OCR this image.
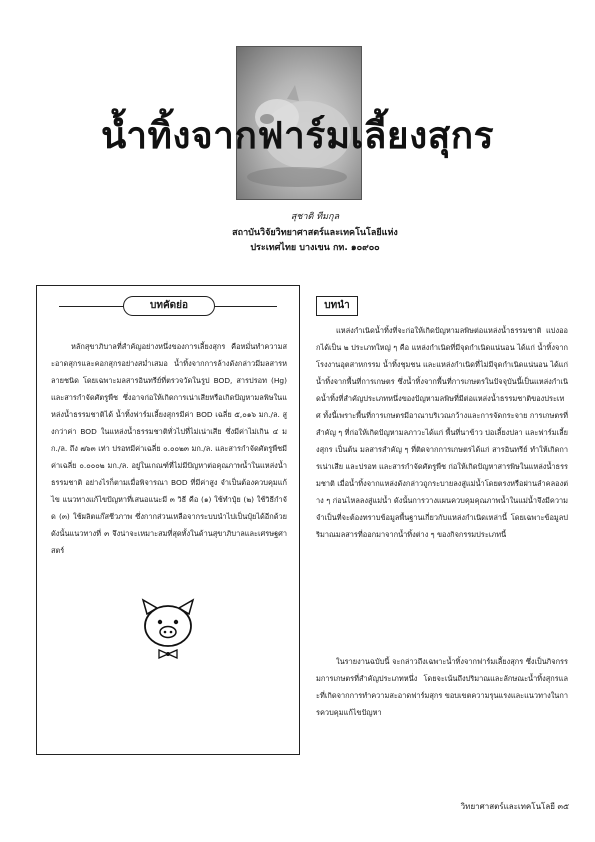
น้ำทิ้งจากฟาร์มเลี้ยงสุกร

สุชาติ ทีมกุล

สถาบันวิจัยวิทยาศาสตร์และเทคโนโลยีแห่ง

ประเทศไทย บางเขน กท. ๑๐๙๐๐

บทคัดย่อ

หลักสุขาภิบาลที่สำคัญอย่างหนึ่งของการเลี้ยงสุกร คือหมั่นทำความสะอาดสุกรและคอกสุกรอย่างสม่ำเสมอ น้ำทิ้งจากการล้างดังกล่าวมีมลสารหลายชนิด โดยเฉพาะมลสารอินทรีย์ที่ตรวจวัดในรูป BOD, สารปรอท (Hg) และสารกำจัดศัตรูพืช ซึ่งอาจก่อให้เกิดการเน่าเสียหรือเกิดปัญหามลพิษในแหล่งน้ำธรรมชาติได้ น้ำทิ้งฟาร์มเลี้ยงสุกรมีค่า BOD เฉลี่ย ๕,๐๑๖ มก./ล. สูงกว่าค่า BOD ในแหล่งน้ำธรรมชาติทั่วไปที่ไม่เน่าเสีย ซึ่งมีค่าไม่เกิน ๔ มก./ล. ถึง ๗๖๓ เท่า ปรอทมีค่าเฉลี่ย ๐.๐๐๒๓ มก./ล. และสารกำจัดศัตรูพืชมีค่าเฉลี่ย ๐.๐๐๐๒ มก./ล. อยู่ในเกณฑ์ที่ไม่มีปัญหาต่อคุณภาพน้ำในแหล่งน้ำธรรมชาติ อย่างไรก็ตามเมื่อพิจารณา BOD ที่มีค่าสูง จำเป็นต้องควบคุมแก้ไข แนวทางแก้ไขปัญหาที่เสนอแนะมี ๓ วิธี คือ (๑) ใช้ทำปุ๋ย (๒) ใช้วิธีกำจัด (๓) ใช้ผลิตแก๊สชีวภาพ ซึ่งกากส่วนเหลือจากระบบนำไปเป็นปุ๋ยได้อีกด้วย ดังนั้นแนวทางที่ ๓ จึงน่าจะเหมาะสมที่สุดทั้งในด้านสุขาภิบาลและเศรษฐศาสตร์

บทนำ

แหล่งกำเนิดน้ำทิ้งที่จะก่อให้เกิดปัญหามลพิษต่อแหล่งน้ำธรรมชาติ แบ่งออกได้เป็น ๒ ประเภทใหญ่ ๆ คือ แหล่งกำเนิดที่มีจุดกำเนิดแน่นอน ได้แก่ น้ำทิ้งจากโรงงานอุตสาหกรรม น้ำทิ้งชุมชน และแหล่งกำเนิดที่ไม่มีจุดกำเนิดแน่นอน ได้แก่ น้ำทิ้งจากพื้นที่การเกษตร ซึ่งน้ำทิ้งจากพื้นที่การเกษตรในปัจจุบันนี้เป็นแหล่งกำเนิดน้ำทิ้งที่สำคัญประเภทหนึ่งของปัญหามลพิษที่มีต่อแหล่งน้ำธรรมชาติของประเทศ ทั้งนี้เพราะพื้นที่การเกษตรมีอาณาบริเวณกว้างและการจัดกระจาย การเกษตรที่สำคัญ ๆ ที่ก่อให้เกิดปัญหามลภาวะได้แก่ พื้นที่นาข้าว บ่อเลี้ยงปลา และฟาร์มเลี้ยงสุกร เป็นต้น มลสารสำคัญ ๆ ที่ติดจากการเกษตรได้แก่ สารอินทรีย์ ทำให้เกิดการเน่าเสีย และปรอท และสารกำจัดศัตรูพืช ก่อให้เกิดปัญหาสารพิษในแหล่งน้ำธรรมชาติ เมื่อน้ำทิ้งจากแหล่งดังกล่าวถูกระบายลงสู่แม่น้ำโดยตรงหรือผ่านลำคลองต่าง ๆ ก่อนไหลลงสู่แม่น้ำ ดังนั้นการวางแผนควบคุมคุณภาพน้ำในแม่น้ำจึงมีความจำเป็นที่จะต้องทราบข้อมูลพื้นฐานเกี่ยวกับแหล่งกำเนิดเหล่านี้ โดยเฉพาะข้อมูลปริมาณมลสารที่ออกมาจากน้ำทิ้งต่าง ๆ ของกิจกรรมประเภทนี้

ในรายงานฉบับนี้ จะกล่าวถึงเฉพาะน้ำทิ้งจากฟาร์มเลี้ยงสุกร ซึ่งเป็นกิจกรรมการเกษตรที่สำคัญประเภทหนึ่ง โดยจะเน้นถึงปริมาณและลักษณะน้ำทิ้งสุกรและที่เกิดจากการทำความสะอาดฟาร์มสุกร ขอบเขตความรุนแรงและแนวทางในการควบคุมแก้ไขปัญหา

วิทยาศาสตร์และเทคโนโลยี ๓๕
